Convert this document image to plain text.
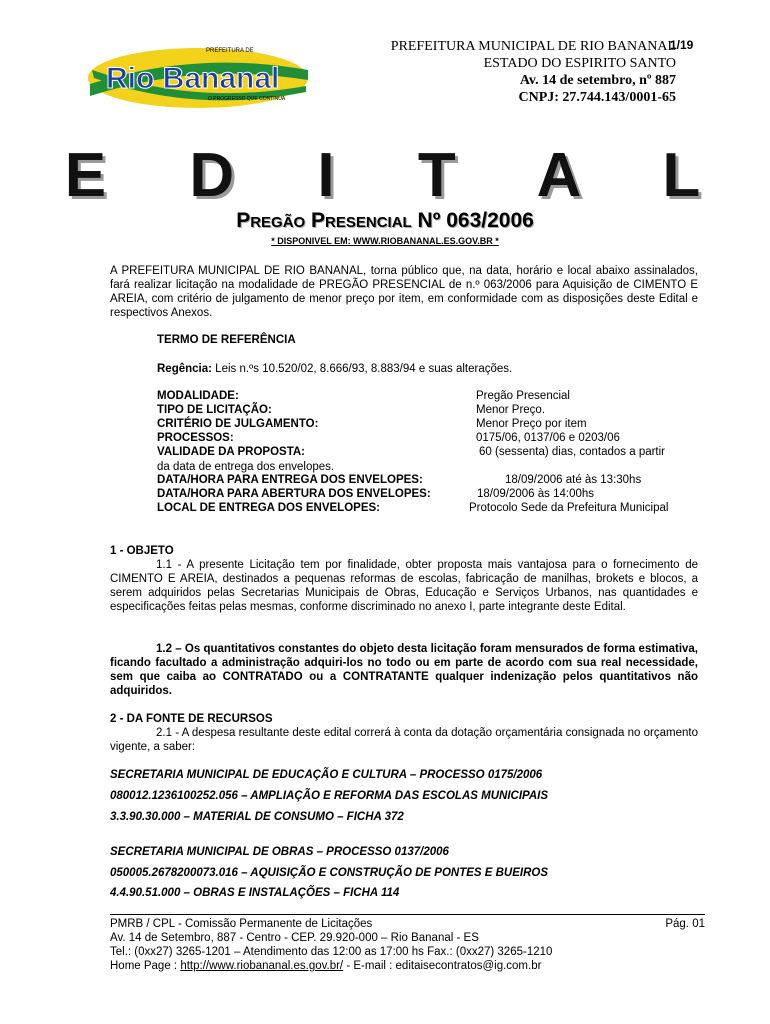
1/19
Rio Bananal
PREFEITURA DE
O PROGRESSO QUE CONTINUA
PREFEITURA MUNICIPAL DE RIO BANANAL
ESTADO DO ESPIRITO SANTO
Av. 14 de setembro, nº 887
CNPJ: 27.744.143/0001-65
E D I T A L
Pregão Presencial Nº 063/2006
* DISPONIVEL EM: WWW.RIOBANANAL.ES.GOV.BR *
A PREFEITURA MUNICIPAL DE RIO BANANAL, torna público que, na data, horário e local abaixo assinalados, fará realizar licitação na modalidade de PREGÃO PRESENCIAL de n.º 063/2006 para Aquisição de CIMENTO E AREIA, com critério de julgamento de menor preço por item, em conformidade com as disposições deste Edital e respectivos Anexos.
TERMO DE REFERÊNCIA
Regência: Leis n.ºs 10.520/02, 8.666/93, 8.883/94 e suas alterações.
MODALIDADE:	Pregão Presencial
TIPO DE LICITAÇÃO:	Menor Preço.
CRITÉRIO DE JULGAMENTO:	Menor Preço por item
PROCESSOS:	0175/06, 0137/06 e 0203/06
VALIDADE DA PROPOSTA:	60 (sessenta) dias, contados a partir
da data de entrega dos envelopes.
DATA/HORA PARA ENTREGA DOS ENVELOPES:	18/09/2006 até às 13:30hs
DATA/HORA PARA ABERTURA DOS ENVELOPES:	18/09/2006 às 14:00hs
LOCAL DE ENTREGA DOS ENVELOPES:	Protocolo Sede da Prefeitura Municipal
1 - OBJETO
1.1 - A presente Licitação tem por finalidade, obter proposta mais vantajosa para o fornecimento de CIMENTO E AREIA, destinados a pequenas reformas de escolas, fabricação de manilhas, brokets e blocos, a serem adquiridos pelas Secretarias Municipais de Obras, Educação e Serviços Urbanos, nas quantidades e especificações feitas pelas mesmas, conforme discriminado no anexo I, parte integrante deste Edital.
1.2 – Os quantitativos constantes do objeto desta licitação foram mensurados de forma estimativa, ficando facultado a administração adquiri-los no todo ou em parte de acordo com sua real necessidade, sem que caiba ao CONTRATADO ou a CONTRATANTE qualquer indenização pelos quantitativos não adquiridos.
2 - DA FONTE DE RECURSOS
2.1 - A despesa resultante deste edital correrá à conta da dotação orçamentária consignada no orçamento vigente, a saber:
SECRETARIA MUNICIPAL DE EDUCAÇÃO E CULTURA – PROCESSO 0175/2006
080012.1236100252.056 – AMPLIAÇÃO E REFORMA DAS ESCOLAS MUNICIPAIS
3.3.90.30.000 – MATERIAL DE CONSUMO – FICHA 372
SECRETARIA MUNICIPAL DE OBRAS – PROCESSO 0137/2006
050005.2678200073.016 – AQUISIÇÃO E CONSTRUÇÃO DE PONTES E BUEIROS
4.4.90.51.000 – OBRAS E INSTALAÇÕES – FICHA 114
PMRB / CPL - Comissão Permanente de Licitações	Pág. 01
Av. 14 de Setembro, 887 - Centro - CEP. 29.920-000 – Rio Bananal - ES
Tel.: (0xx27) 3265-1201 – Atendimento das 12:00 as 17:00 hs Fax.: (0xx27) 3265-1210
Home Page : http://www.riobananal.es.gov.br/ - E-mail : editaisecontratos@ig.com.br
